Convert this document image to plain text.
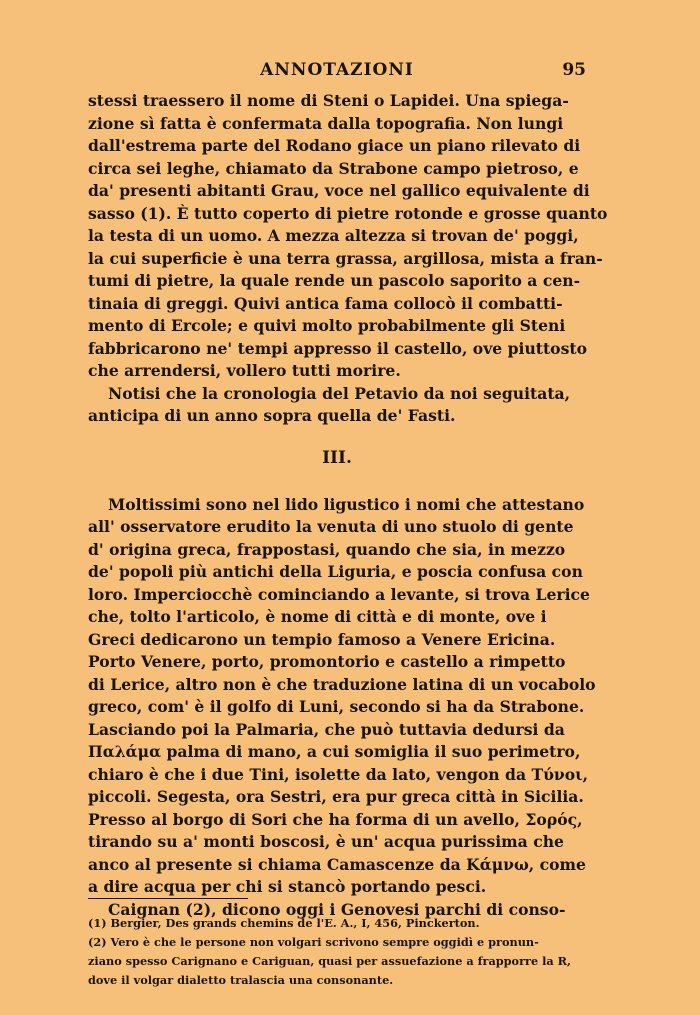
ANNOTAZIONI	95

stessi traessero il nome di Steni o Lapidei. Una spiega-
zione sì fatta è confermata dalla topografia. Non lungi
dall'estrema parte del Rodano giace un piano rilevato di
circa sei leghe, chiamato da Strabone campo pietroso, e
da' presenti abitanti Grau, voce nel gallico equivalente di
sasso (1). È tutto coperto di pietre rotonde e grosse quanto
la testa di un uomo. A mezza altezza si trovan de' poggi,
la cui superficie è una terra grassa, argillosa, mista a fran-
tumi di pietre, la quale rende un pascolo saporito a cen-
tinaia di greggi. Quivi antica fama collocò il combatti-
mento di Ercole; e quivi molto probabilmente gli Steni
fabbricarono ne' tempi appresso il castello, ove piuttosto
che arrendersi, vollero tutti morire.

Notisi che la cronologia del Petavio da noi seguitata,
anticipa di un anno sopra quella de' Fasti.

III.

Moltissimi sono nel lido ligustico i nomi che attestano
all' osservatore erudito la venuta di uno stuolo di gente
d' origina greca, frappostasi, quando che sia, in mezzo
de' popoli più antichi della Liguria, e poscia confusa con
loro. Imperciocchè cominciando a levante, si trova Lerice
che, tolto l'articolo, è nome di città e di monte, ove i
Greci dedicarono un tempio famoso a Venere Ericina.
Porto Venere, porto, promontorio e castello a rimpetto
di Lerice, altro non è che traduzione latina di un vocabolo
greco, com' è il golfo di Luni, secondo si ha da Strabone.
Lasciando poi la Palmaria, che può tuttavia dedursi da
Παλάμα palma di mano, a cui somiglia il suo perimetro,
chiaro è che i due Tini, isolette da lato, vengon da Τύνοι,
piccoli. Segesta, ora Sestri, era pur greca città in Sicilia.
Presso al borgo di Sori che ha forma di un avello, Σορός,
tirando su a' monti boscosi, è un' acqua purissima che
anco al presente si chiama Camascenze da Κάμνω, come
a dire acqua per chi si stancò portando pesci.

Caignan (2), dicono oggi i Genovesi parchi di conso-

(1) Bergier, Des grands chemins de l'E. A., I, 456, Pinckerton.

(2) Vero è che le persone non volgari scrivono sempre oggidì e pronun-
ziano spesso Carignano e Cariguan, quasi per assuefazione a frapporre la R,
dove il volgar dialetto tralascia una consonante.
